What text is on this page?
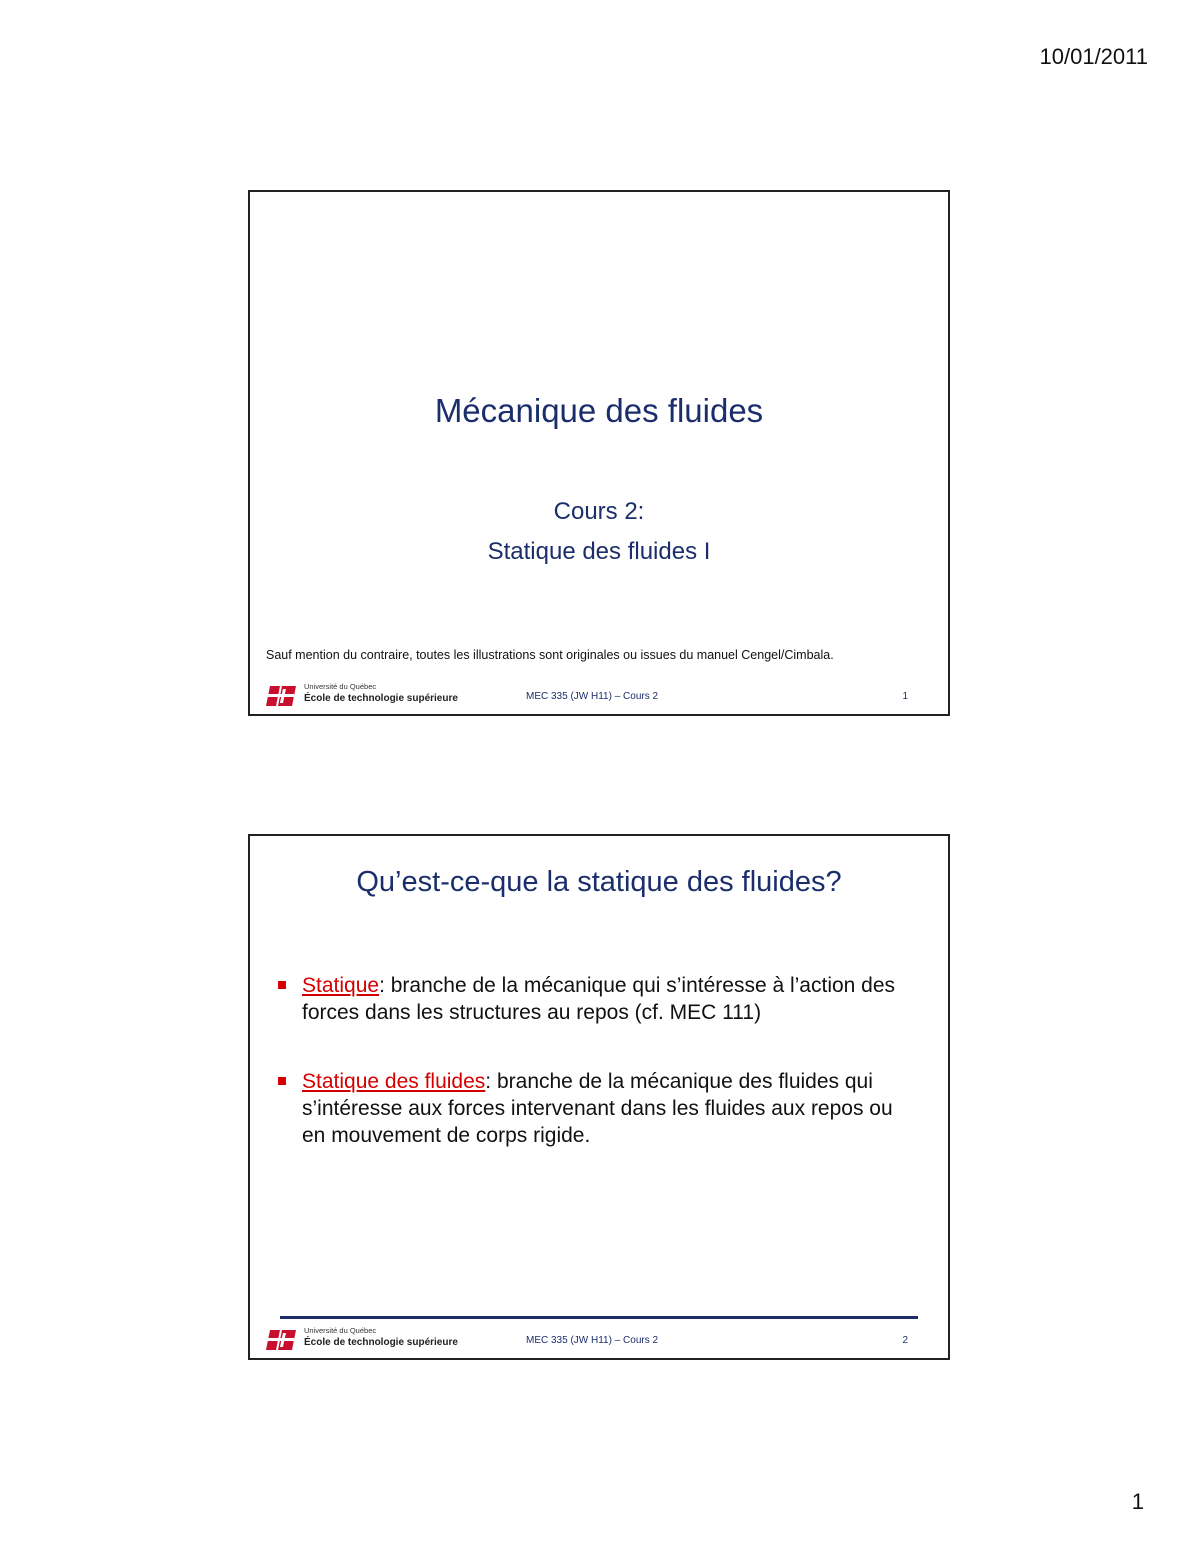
10/01/2011
Mécanique des fluides
Cours 2:
Statique des fluides I
Sauf mention du contraire, toutes les illustrations sont originales ou issues du manuel Cengel/Cimbala.
Université du Québec
École de technologie supérieure	MEC 335 (JW H11) – Cours 2	1
Qu’est-ce-que la statique des fluides?
Statique: branche de la mécanique qui s’intéresse à l’action des forces dans les structures au repos (cf. MEC 111)
Statique des fluides: branche de la mécanique des fluides qui s’intéresse aux forces intervenant dans les fluides aux repos ou en mouvement de corps rigide.
Université du Québec
École de technologie supérieure	MEC 335 (JW H11) – Cours 2	2
1
